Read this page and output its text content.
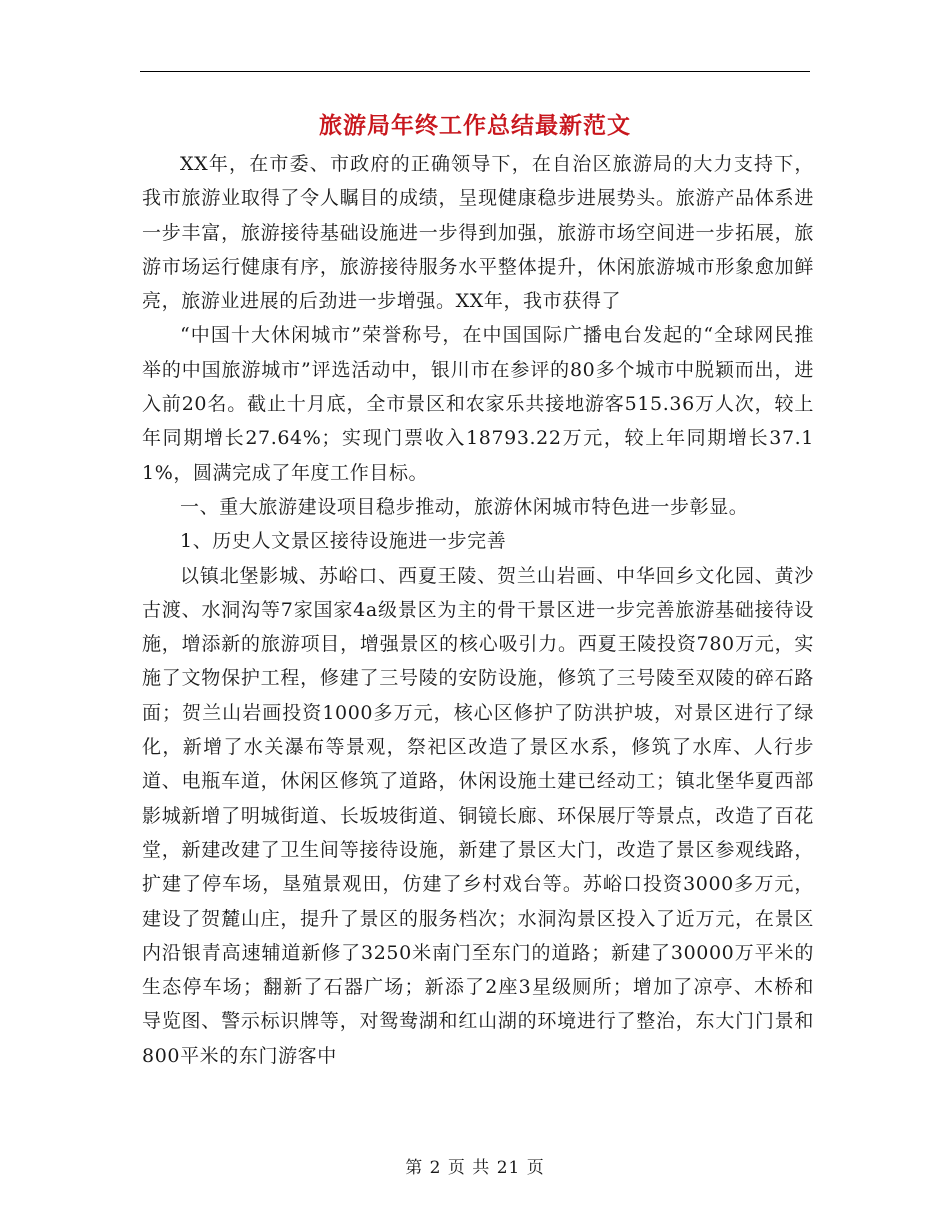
旅游局年终工作总结最新范文

XX年，在市委、市政府的正确领导下，在自治区旅游局的大力支持下，我市旅游业取得了令人瞩目的成绩，呈现健康稳步进展势头。旅游产品体系进一步丰富，旅游接待基础设施进一步得到加强，旅游市场空间进一步拓展，旅游市场运行健康有序，旅游接待服务水平整体提升，休闲旅游城市形象愈加鲜亮，旅游业进展的后劲进一步增强。XX年，我市获得了

“中国十大休闲城市”荣誉称号，在中国国际广播电台发起的“全球网民推举的中国旅游城市”评选活动中，银川市在参评的80多个城市中脱颖而出，进入前20名。截止十月底，全市景区和农家乐共接地游客515.36万人次，较上年同期增长27.64%；实现门票收入18793.22万元，较上年同期增长37.11%，圆满完成了年度工作目标。

一、重大旅游建设项目稳步推动，旅游休闲城市特色进一步彰显。

1、历史人文景区接待设施进一步完善

以镇北堡影城、苏峪口、西夏王陵、贺兰山岩画、中华回乡文化园、黄沙古渡、水洞沟等7家国家4a级景区为主的骨干景区进一步完善旅游基础接待设施，增添新的旅游项目，增强景区的核心吸引力。西夏王陵投资780万元，实施了文物保护工程，修建了三号陵的安防设施，修筑了三号陵至双陵的碎石路面；贺兰山岩画投资1000多万元，核心区修护了防洪护坡，对景区进行了绿化，新增了水关瀑布等景观，祭祀区改造了景区水系，修筑了水库、人行步道、电瓶车道，休闲区修筑了道路，休闲设施土建已经动工；镇北堡华夏西部影城新增了明城街道、长坂坡街道、铜镜长廊、环保展厅等景点，改造了百花堂，新建改建了卫生间等接待设施，新建了景区大门，改造了景区参观线路，扩建了停车场，垦殖景观田，仿建了乡村戏台等。苏峪口投资3000多万元，建设了贺麓山庄，提升了景区的服务档次；水洞沟景区投入了近万元，在景区内沿银青高速辅道新修了3250米南门至东门的道路；新建了30000万平米的生态停车场；翻新了石器广场；新添了2座3星级厕所；增加了凉亭、木桥和导览图、警示标识牌等，对鸳鸯湖和红山湖的环境进行了整治，东大门门景和800平米的东门游客中

第 2 页 共 21 页
